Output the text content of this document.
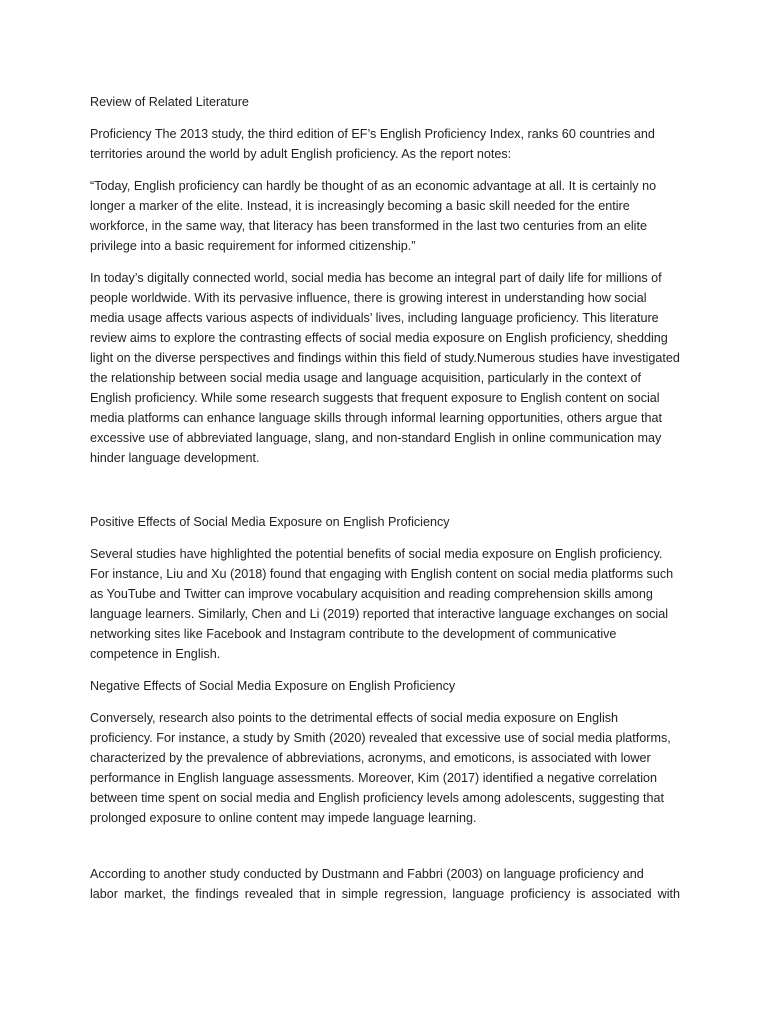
Review of Related Literature

Proficiency The 2013 study, the third edition of EF’s English Proficiency Index, ranks 60 countries and territories around the world by adult English proficiency. As the report notes:

“Today, English proficiency can hardly be thought of as an economic advantage at all. It is certainly no longer a marker of the elite. Instead, it is increasingly becoming a basic skill needed for the entire workforce, in the same way, that literacy has been transformed in the last two centuries from an elite privilege into a basic requirement for informed citizenship.”

In today’s digitally connected world, social media has become an integral part of daily life for millions of people worldwide. With its pervasive influence, there is growing interest in understanding how social media usage affects various aspects of individuals’ lives, including language proficiency. This literature review aims to explore the contrasting effects of social media exposure on English proficiency, shedding light on the diverse perspectives and findings within this field of study.Numerous studies have investigated the relationship between social media usage and language acquisition, particularly in the context of English proficiency. While some research suggests that frequent exposure to English content on social media platforms can enhance language skills through informal learning opportunities, others argue that excessive use of abbreviated language, slang, and non-standard English in online communication may hinder language development.

Positive Effects of Social Media Exposure on English Proficiency

Several studies have highlighted the potential benefits of social media exposure on English proficiency. For instance, Liu and Xu (2018) found that engaging with English content on social media platforms such as YouTube and Twitter can improve vocabulary acquisition and reading comprehension skills among language learners. Similarly, Chen and Li (2019) reported that interactive language exchanges on social networking sites like Facebook and Instagram contribute to the development of communicative competence in English.

Negative Effects of Social Media Exposure on English Proficiency

Conversely, research also points to the detrimental effects of social media exposure on English proficiency. For instance, a study by Smith (2020) revealed that excessive use of social media platforms, characterized by the prevalence of abbreviations, acronyms, and emoticons, is associated with lower performance in English language assessments. Moreover, Kim (2017) identified a negative correlation between time spent on social media and English proficiency levels among adolescents, suggesting that prolonged exposure to online content may impede language learning.

According to another study conducted by Dustmann and Fabbri (2003) on language proficiency and

labor market, the findings revealed that in simple regression, language proficiency is associated with
